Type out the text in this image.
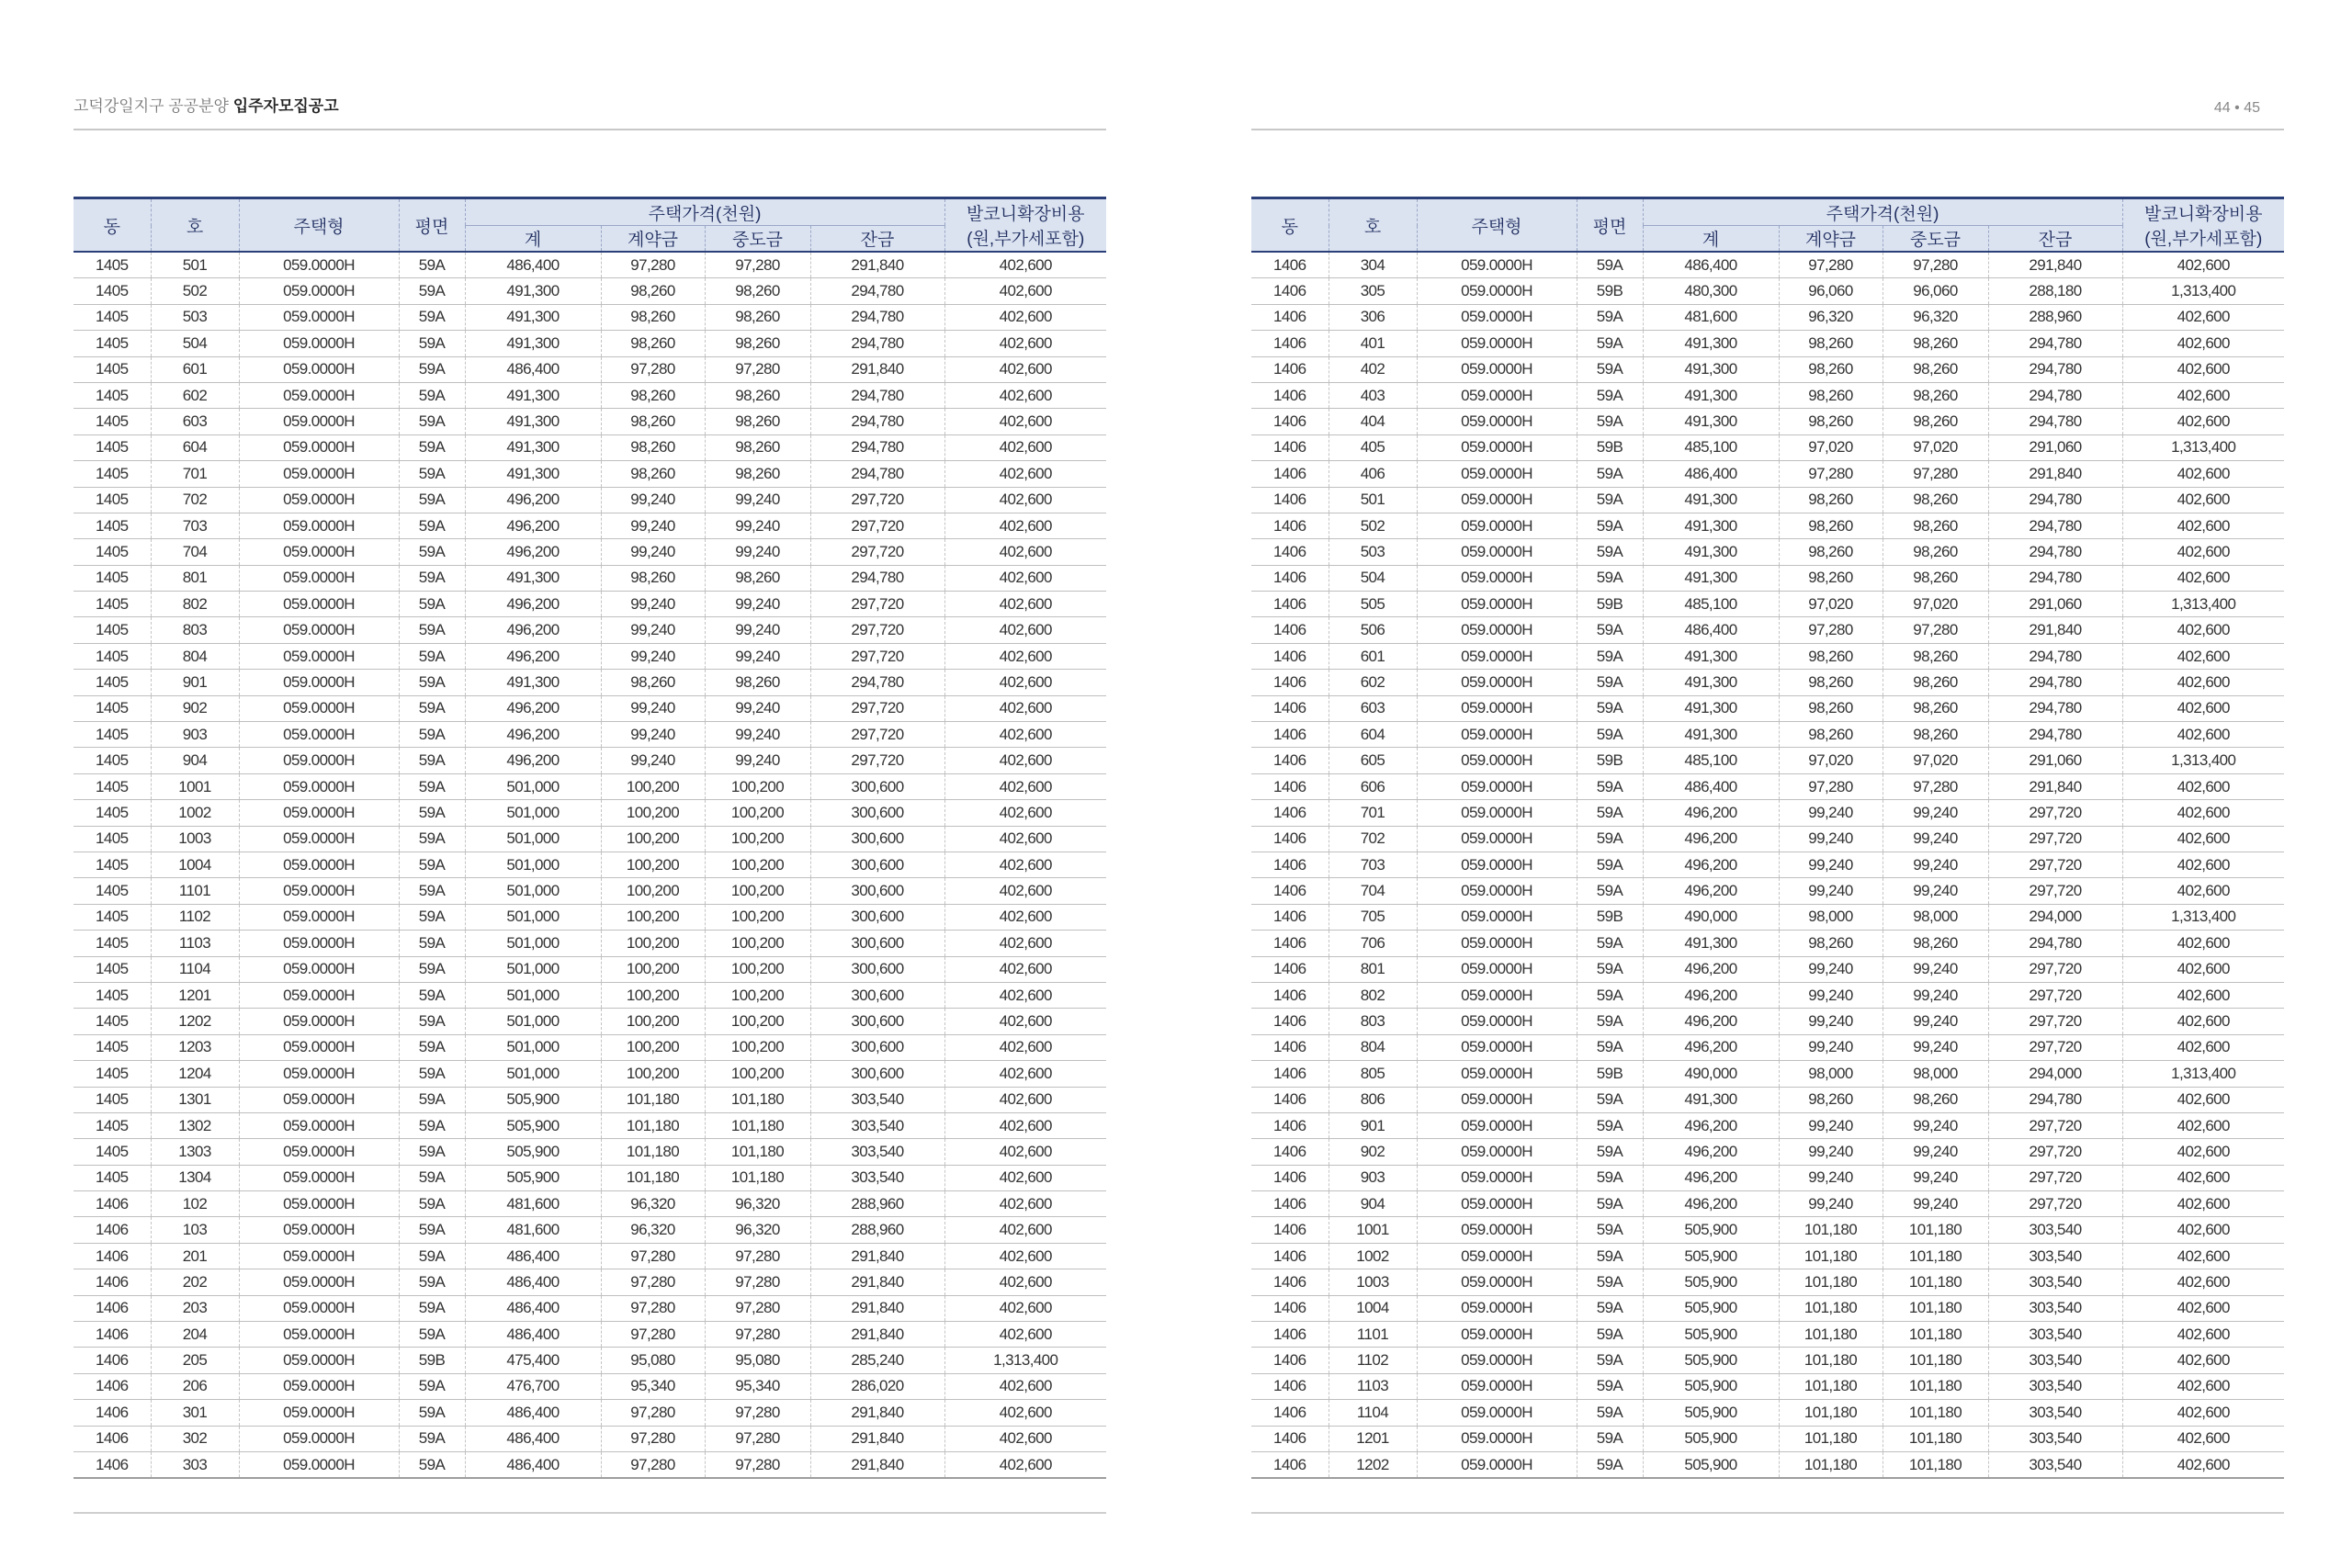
고덕강일지구 공공분양 입주자모집공고
동	호	주택형	평면	주택가격(천원)				발코니확장비용
(원,부가세포함)

				계	계약금	중도금	잔금	
1405	501	059.0000H	59A	486,400	97,280	97,280	291,840	402,600
1405	502	059.0000H	59A	491,300	98,260	98,260	294,780	402,600
1405	503	059.0000H	59A	491,300	98,260	98,260	294,780	402,600
1405	504	059.0000H	59A	491,300	98,260	98,260	294,780	402,600
1405	601	059.0000H	59A	486,400	97,280	97,280	291,840	402,600
1405	602	059.0000H	59A	491,300	98,260	98,260	294,780	402,600
1405	603	059.0000H	59A	491,300	98,260	98,260	294,780	402,600
1405	604	059.0000H	59A	491,300	98,260	98,260	294,780	402,600
1405	701	059.0000H	59A	491,300	98,260	98,260	294,780	402,600
1405	702	059.0000H	59A	496,200	99,240	99,240	297,720	402,600
1405	703	059.0000H	59A	496,200	99,240	99,240	297,720	402,600
1405	704	059.0000H	59A	496,200	99,240	99,240	297,720	402,600
1405	801	059.0000H	59A	491,300	98,260	98,260	294,780	402,600
1405	802	059.0000H	59A	496,200	99,240	99,240	297,720	402,600
1405	803	059.0000H	59A	496,200	99,240	99,240	297,720	402,600
1405	804	059.0000H	59A	496,200	99,240	99,240	297,720	402,600
1405	901	059.0000H	59A	491,300	98,260	98,260	294,780	402,600
1405	902	059.0000H	59A	496,200	99,240	99,240	297,720	402,600
1405	903	059.0000H	59A	496,200	99,240	99,240	297,720	402,600
1405	904	059.0000H	59A	496,200	99,240	99,240	297,720	402,600
1405	1001	059.0000H	59A	501,000	100,200	100,200	300,600	402,600
1405	1002	059.0000H	59A	501,000	100,200	100,200	300,600	402,600
1405	1003	059.0000H	59A	501,000	100,200	100,200	300,600	402,600
1405	1004	059.0000H	59A	501,000	100,200	100,200	300,600	402,600
1405	1101	059.0000H	59A	501,000	100,200	100,200	300,600	402,600
1405	1102	059.0000H	59A	501,000	100,200	100,200	300,600	402,600
1405	1103	059.0000H	59A	501,000	100,200	100,200	300,600	402,600
1405	1104	059.0000H	59A	501,000	100,200	100,200	300,600	402,600
1405	1201	059.0000H	59A	501,000	100,200	100,200	300,600	402,600
1405	1202	059.0000H	59A	501,000	100,200	100,200	300,600	402,600
1405	1203	059.0000H	59A	501,000	100,200	100,200	300,600	402,600
1405	1204	059.0000H	59A	501,000	100,200	100,200	300,600	402,600
1405	1301	059.0000H	59A	505,900	101,180	101,180	303,540	402,600
1405	1302	059.0000H	59A	505,900	101,180	101,180	303,540	402,600
1405	1303	059.0000H	59A	505,900	101,180	101,180	303,540	402,600
1405	1304	059.0000H	59A	505,900	101,180	101,180	303,540	402,600
1406	102	059.0000H	59A	481,600	96,320	96,320	288,960	402,600
1406	103	059.0000H	59A	481,600	96,320	96,320	288,960	402,600
1406	201	059.0000H	59A	486,400	97,280	97,280	291,840	402,600
1406	202	059.0000H	59A	486,400	97,280	97,280	291,840	402,600
1406	203	059.0000H	59A	486,400	97,280	97,280	291,840	402,600
1406	204	059.0000H	59A	486,400	97,280	97,280	291,840	402,600
1406	205	059.0000H	59B	475,400	95,080	95,080	285,240	1,313,400
1406	206	059.0000H	59A	476,700	95,340	95,340	286,020	402,600
1406	301	059.0000H	59A	486,400	97,280	97,280	291,840	402,600
1406	302	059.0000H	59A	486,400	97,280	97,280	291,840	402,600
1406	303	059.0000H	59A	486,400	97,280	97,280	291,840	402,600
44 • 45
동	호	주택형	평면	주택가격(천원)				발코니확장비용
(원,부가세포함)

				계	계약금	중도금	잔금	
1406	304	059.0000H	59A	486,400	97,280	97,280	291,840	402,600
1406	305	059.0000H	59B	480,300	96,060	96,060	288,180	1,313,400
1406	306	059.0000H	59A	481,600	96,320	96,320	288,960	402,600
1406	401	059.0000H	59A	491,300	98,260	98,260	294,780	402,600
1406	402	059.0000H	59A	491,300	98,260	98,260	294,780	402,600
1406	403	059.0000H	59A	491,300	98,260	98,260	294,780	402,600
1406	404	059.0000H	59A	491,300	98,260	98,260	294,780	402,600
1406	405	059.0000H	59B	485,100	97,020	97,020	291,060	1,313,400
1406	406	059.0000H	59A	486,400	97,280	97,280	291,840	402,600
1406	501	059.0000H	59A	491,300	98,260	98,260	294,780	402,600
1406	502	059.0000H	59A	491,300	98,260	98,260	294,780	402,600
1406	503	059.0000H	59A	491,300	98,260	98,260	294,780	402,600
1406	504	059.0000H	59A	491,300	98,260	98,260	294,780	402,600
1406	505	059.0000H	59B	485,100	97,020	97,020	291,060	1,313,400
1406	506	059.0000H	59A	486,400	97,280	97,280	291,840	402,600
1406	601	059.0000H	59A	491,300	98,260	98,260	294,780	402,600
1406	602	059.0000H	59A	491,300	98,260	98,260	294,780	402,600
1406	603	059.0000H	59A	491,300	98,260	98,260	294,780	402,600
1406	604	059.0000H	59A	491,300	98,260	98,260	294,780	402,600
1406	605	059.0000H	59B	485,100	97,020	97,020	291,060	1,313,400
1406	606	059.0000H	59A	486,400	97,280	97,280	291,840	402,600
1406	701	059.0000H	59A	496,200	99,240	99,240	297,720	402,600
1406	702	059.0000H	59A	496,200	99,240	99,240	297,720	402,600
1406	703	059.0000H	59A	496,200	99,240	99,240	297,720	402,600
1406	704	059.0000H	59A	496,200	99,240	99,240	297,720	402,600
1406	705	059.0000H	59B	490,000	98,000	98,000	294,000	1,313,400
1406	706	059.0000H	59A	491,300	98,260	98,260	294,780	402,600
1406	801	059.0000H	59A	496,200	99,240	99,240	297,720	402,600
1406	802	059.0000H	59A	496,200	99,240	99,240	297,720	402,600
1406	803	059.0000H	59A	496,200	99,240	99,240	297,720	402,600
1406	804	059.0000H	59A	496,200	99,240	99,240	297,720	402,600
1406	805	059.0000H	59B	490,000	98,000	98,000	294,000	1,313,400
1406	806	059.0000H	59A	491,300	98,260	98,260	294,780	402,600
1406	901	059.0000H	59A	496,200	99,240	99,240	297,720	402,600
1406	902	059.0000H	59A	496,200	99,240	99,240	297,720	402,600
1406	903	059.0000H	59A	496,200	99,240	99,240	297,720	402,600
1406	904	059.0000H	59A	496,200	99,240	99,240	297,720	402,600
1406	1001	059.0000H	59A	505,900	101,180	101,180	303,540	402,600
1406	1002	059.0000H	59A	505,900	101,180	101,180	303,540	402,600
1406	1003	059.0000H	59A	505,900	101,180	101,180	303,540	402,600
1406	1004	059.0000H	59A	505,900	101,180	101,180	303,540	402,600
1406	1101	059.0000H	59A	505,900	101,180	101,180	303,540	402,600
1406	1102	059.0000H	59A	505,900	101,180	101,180	303,540	402,600
1406	1103	059.0000H	59A	505,900	101,180	101,180	303,540	402,600
1406	1104	059.0000H	59A	505,900	101,180	101,180	303,540	402,600
1406	1201	059.0000H	59A	505,900	101,180	101,180	303,540	402,600
1406	1202	059.0000H	59A	505,900	101,180	101,180	303,540	402,600
